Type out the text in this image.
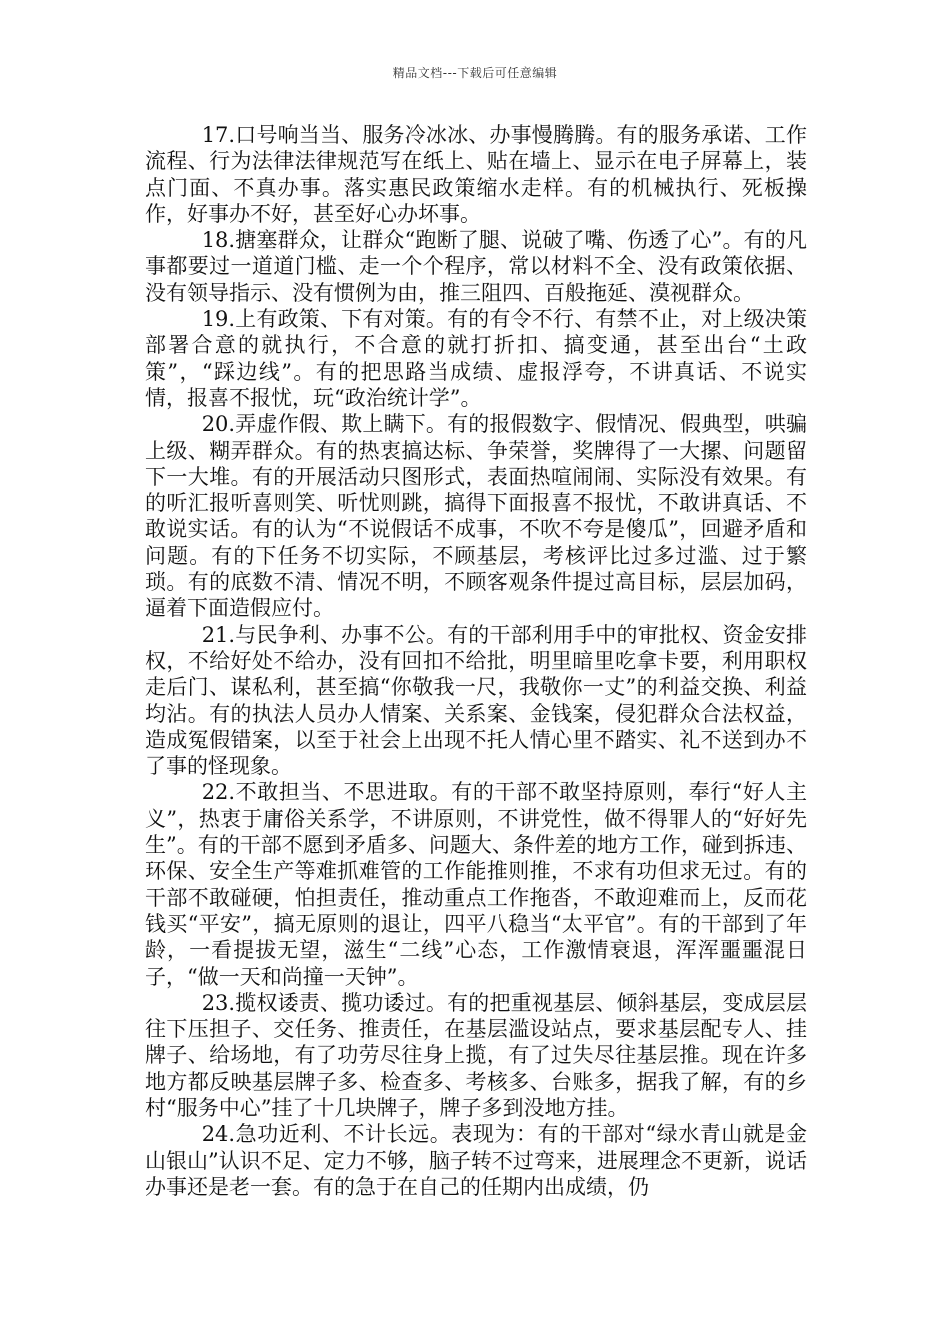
精品文档---下载后可任意编辑

17.口号响当当、服务冷冰冰、办事慢腾腾。有的服务承诺、工作流程、行为法律法律规范写在纸上、贴在墙上、显示在电子屏幕上，装点门面、不真办事。落实惠民政策缩水走样。有的机械执行、死板操作，好事办不好，甚至好心办坏事。

18.搪塞群众，让群众“跑断了腿、说破了嘴、伤透了心”。有的凡事都要过一道道门槛、走一个个程序，常以材料不全、没有政策依据、没有领导指示、没有惯例为由，推三阻四、百般拖延、漠视群众。

19.上有政策、下有对策。有的有令不行、有禁不止，对上级决策部署合意的就执行，不合意的就打折扣、搞变通，甚至出台“土政策”，“踩边线”。有的把思路当成绩、虚报浮夸，不讲真话、不说实情，报喜不报忧，玩“政治统计学”。

20.弄虚作假、欺上瞒下。有的报假数字、假情况、假典型，哄骗上级、糊弄群众。有的热衷搞达标、争荣誉，奖牌得了一大摞、问题留下一大堆。有的开展活动只图形式，表面热喧闹闹、实际没有效果。有的听汇报听喜则笑、听忧则跳，搞得下面报喜不报忧，不敢讲真话、不敢说实话。有的认为“不说假话不成事，不吹不夸是傻瓜”，回避矛盾和问题。有的下任务不切实际，不顾基层，考核评比过多过滥、过于繁琐。有的底数不清、情况不明，不顾客观条件提过高目标，层层加码，逼着下面造假应付。

21.与民争利、办事不公。有的干部利用手中的审批权、资金安排权，不给好处不给办，没有回扣不给批，明里暗里吃拿卡要，利用职权走后门、谋私利，甚至搞“你敬我一尺，我敬你一丈”的利益交换、利益均沾。有的执法人员办人情案、关系案、金钱案，侵犯群众合法权益，造成冤假错案，以至于社会上出现不托人情心里不踏实、礼不送到办不了事的怪现象。

22.不敢担当、不思进取。有的干部不敢坚持原则，奉行“好人主义”，热衷于庸俗关系学，不讲原则，不讲党性，做不得罪人的“好好先生”。有的干部不愿到矛盾多、问题大、条件差的地方工作，碰到拆违、环保、安全生产等难抓难管的工作能推则推，不求有功但求无过。有的干部不敢碰硬，怕担责任，推动重点工作拖沓，不敢迎难而上，反而花钱买“平安”，搞无原则的退让，四平八稳当“太平官”。有的干部到了年龄，一看提拔无望，滋生“二线”心态，工作激情衰退，浑浑噩噩混日子，“做一天和尚撞一天钟”。

23.揽权诿责、揽功诿过。有的把重视基层、倾斜基层，变成层层往下压担子、交任务、推责任，在基层滥设站点，要求基层配专人、挂牌子、给场地，有了功劳尽往身上揽，有了过失尽往基层推。现在许多地方都反映基层牌子多、检查多、考核多、台账多，据我了解，有的乡村“服务中心”挂了十几块牌子，牌子多到没地方挂。

24.急功近利、不计长远。表现为：有的干部对“绿水青山就是金山银山”认识不足、定力不够，脑子转不过弯来，进展理念不更新，说话办事还是老一套。有的急于在自己的任期内出成绩，仍
